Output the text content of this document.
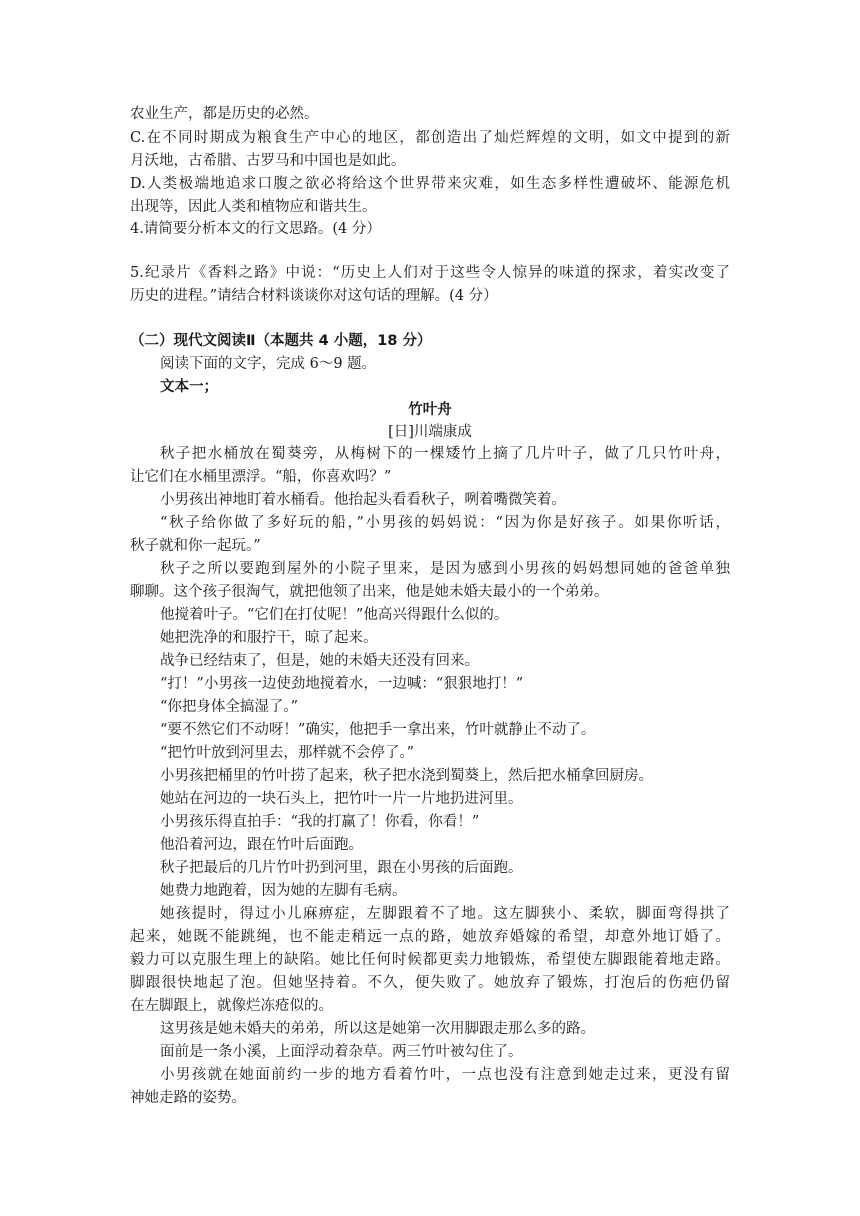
农业生产，都是历史的必然。
C.在不同时期成为粮食生产中心的地区，都创造出了灿烂辉煌的文明，如文中提到的新
月沃地，古希腊、古罗马和中国也是如此。
D.人类极端地追求口腹之欲必将给这个世界带来灾难，如生态多样性遭破坏、能源危机
出现等，因此人类和植物应和谐共生。
4.请简要分析本文的行文思路。(4 分）
5.纪录片《香料之路》中说：“历史上人们对于这些令人惊异的味道的探求，着实改变了
历史的进程。”请结合材料谈谈你对这句话的理解。(4 分）
（二）现代文阅读Ⅱ（本题共 4 小题，18 分）
阅读下面的文字，完成 6～9 题。
文本一；
竹叶舟
[日]川端康成
秋子把水桶放在蜀葵旁，从梅树下的一棵矮竹上摘了几片叶子，做了几只竹叶舟，
让它们在水桶里漂浮。“船，你喜欢吗？”
小男孩出神地盯着水桶看。他抬起头看看秋子，咧着嘴微笑着。
“秋子给你做了多好玩的船，”小男孩的妈妈说：“因为你是好孩子。如果你听话，
秋子就和你一起玩。”
秋子之所以要跑到屋外的小院子里来，是因为感到小男孩的妈妈想同她的爸爸单独
聊聊。这个孩子很淘气，就把他领了出来，他是她未婚夫最小的一个弟弟。
他搅着叶子。“它们在打仗呢！”他高兴得跟什么似的。
她把洗净的和服拧干，晾了起来。
战争已经结束了，但是，她的未婚夫还没有回来。
“打！”小男孩一边使劲地搅着水，一边喊：“狠狠地打！”
“你把身体全搞湿了。”
“要不然它们不动呀！”确实，他把手一拿出来，竹叶就静止不动了。
“把竹叶放到河里去，那样就不会停了。”
小男孩把桶里的竹叶捞了起来，秋子把水浇到蜀葵上，然后把水桶拿回厨房。
她站在河边的一块石头上，把竹叶一片一片地扔进河里。
小男孩乐得直拍手：“我的打赢了！你看，你看！”
他沿着河边，跟在竹叶后面跑。
秋子把最后的几片竹叶扔到河里，跟在小男孩的后面跑。
她费力地跑着，因为她的左脚有毛病。
她孩提时，得过小儿麻痹症，左脚跟着不了地。这左脚狭小、柔软，脚面弯得拱了
起来，她既不能跳绳，也不能走稍远一点的路，她放弃婚嫁的希望，却意外地订婚了。
毅力可以克服生理上的缺陷。她比任何时候都更卖力地锻炼，希望使左脚跟能着地走路。
脚跟很快地起了泡。但她坚持着。不久，便失败了。她放弃了锻炼，打泡后的伤疤仍留
在左脚跟上，就像烂冻疮似的。
这男孩是她未婚夫的弟弟，所以这是她第一次用脚跟走那么多的路。
面前是一条小溪，上面浮动着杂草。两三竹叶被勾住了。
小男孩就在她面前约一步的地方看着竹叶，一点也没有注意到她走过来，更没有留
神她走路的姿势。
